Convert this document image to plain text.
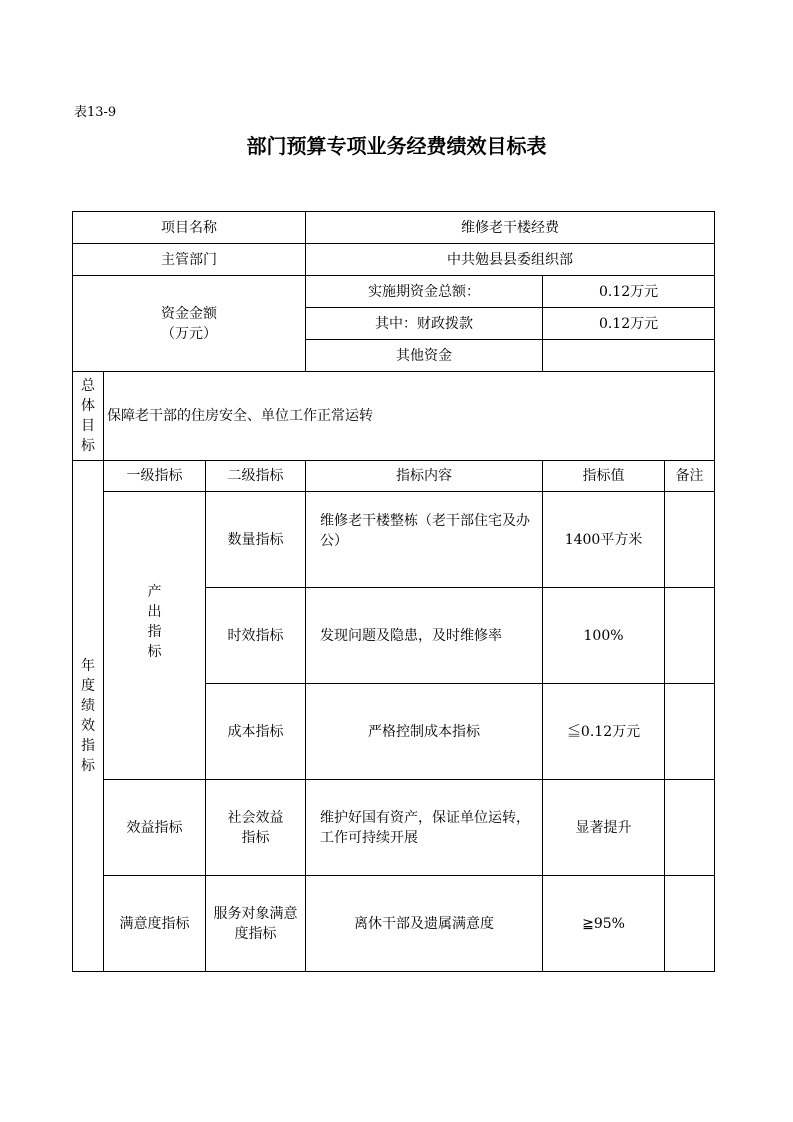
表13-9
部门预算专项业务经费绩效目标表
项目名称			维修老干楼经费		
主管部门			中共勉县县委组织部		

资金金额
（万元）			实施期资金总额：	0.12万元	
			其中：财政拨款	0.12万元	
			其他资金		

总体目标	保障老干部的住房安全、单位工作正常运转				

年度绩效指标	一级指标	二级指标	指标内容	指标值	备注

	产出指标	数量指标	维修老干楼整栋（老干部住宅及办公）	1400平方米	
		时效指标	发现问题及隐患，及时维修率	100%	
		成本指标	严格控制成本指标	≦0.12万元	
	效益指标	社会效益指标	维护好国有资产，保证单位运转，工作可持续开展	显著提升	
	满意度指标	服务对象满意度指标	离休干部及遗属满意度	≧95%	
